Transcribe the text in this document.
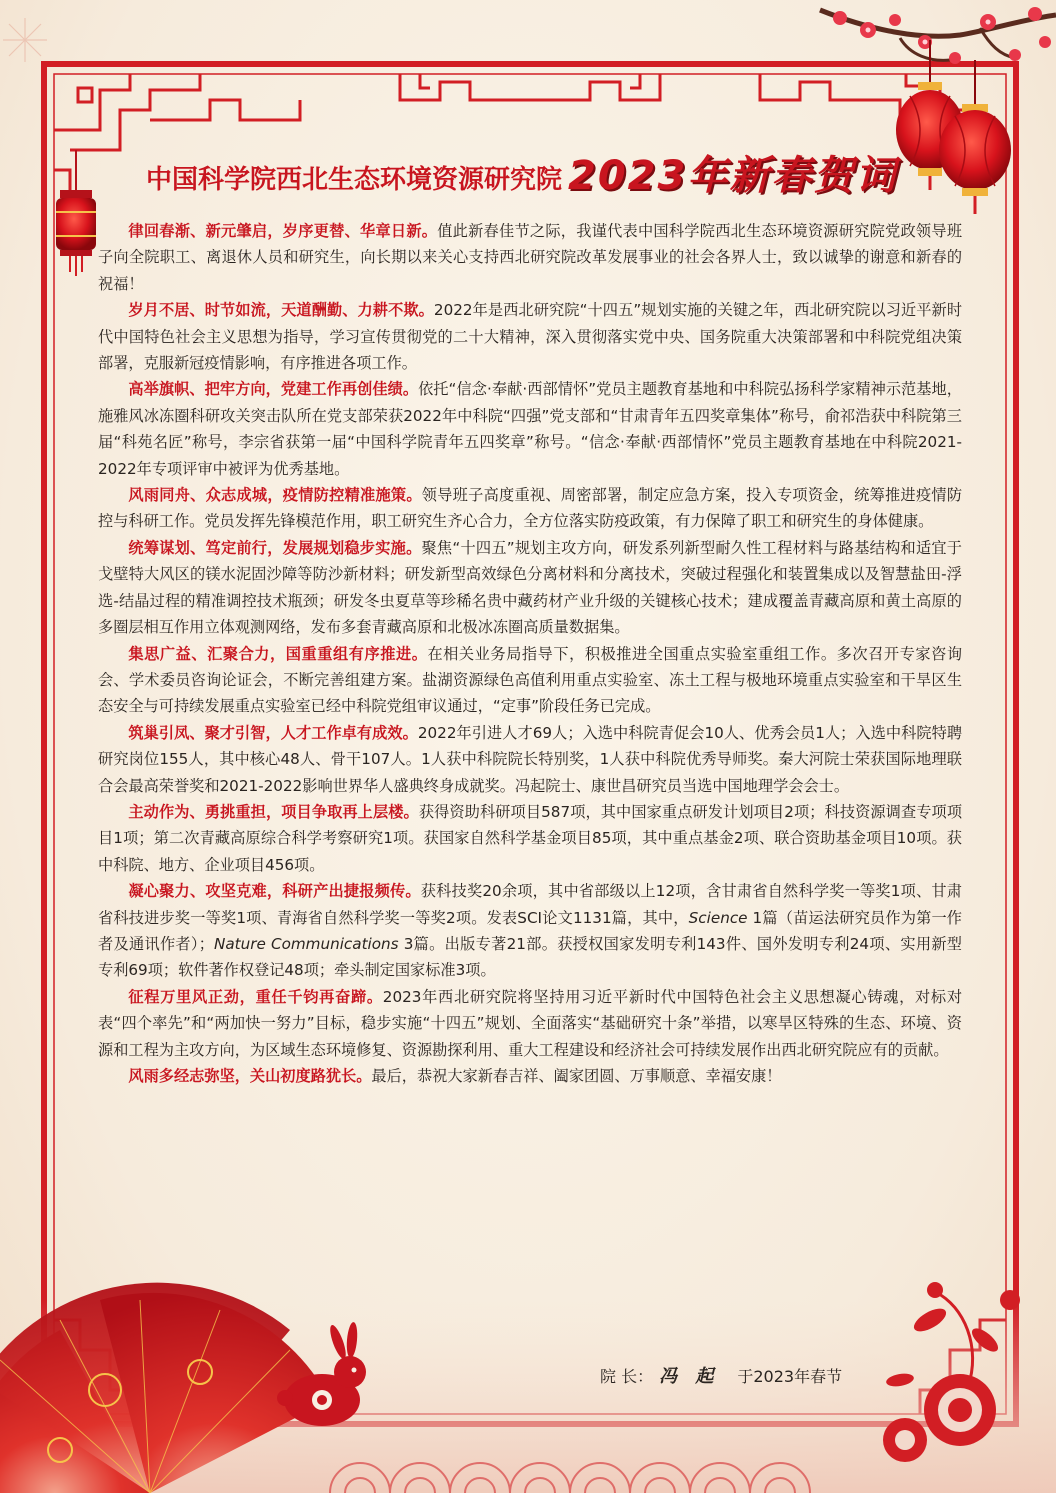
中国科学院西北生态环境资源研究院 2023年新春贺词

律回春渐、新元肇启，岁序更替、华章日新。值此新春佳节之际，我谨代表中国科学院西北生态环境资源研究院党政领导班子向全院职工、离退休人员和研究生，向长期以来关心支持西北研究院改革发展事业的社会各界人士，致以诚挚的谢意和新春的祝福！

岁月不居、时节如流，天道酬勤、力耕不欺。2022年是西北研究院“十四五”规划实施的关键之年，西北研究院以习近平新时代中国特色社会主义思想为指导，学习宣传贯彻党的二十大精神，深入贯彻落实党中央、国务院重大决策部署和中科院党组决策部署，克服新冠疫情影响，有序推进各项工作。

高举旗帜、把牢方向，党建工作再创佳绩。依托“信念·奉献·西部情怀”党员主题教育基地和中科院弘扬科学家精神示范基地，施雅风冰冻圈科研攻关突击队所在党支部荣获2022年中科院“四强”党支部和“甘肃青年五四奖章集体”称号，俞祁浩获中科院第三届“科苑名匠”称号，李宗省获第一届“中国科学院青年五四奖章”称号。“信念·奉献·西部情怀”党员主题教育基地在中科院2021-2022年专项评审中被评为优秀基地。

风雨同舟、众志成城，疫情防控精准施策。领导班子高度重视、周密部署，制定应急方案，投入专项资金，统筹推进疫情防控与科研工作。党员发挥先锋模范作用，职工研究生齐心合力，全方位落实防疫政策，有力保障了职工和研究生的身体健康。

统筹谋划、笃定前行，发展规划稳步实施。聚焦“十四五”规划主攻方向，研发系列新型耐久性工程材料与路基结构和适宜于戈壁特大风区的镁水泥固沙障等防沙新材料；研发新型高效绿色分离材料和分离技术，突破过程强化和装置集成以及智慧盐田-浮选-结晶过程的精准调控技术瓶颈；研发冬虫夏草等珍稀名贵中藏药材产业升级的关键核心技术；建成覆盖青藏高原和黄土高原的多圈层相互作用立体观测网络，发布多套青藏高原和北极冰冻圈高质量数据集。

集思广益、汇聚合力，国重重组有序推进。在相关业务局指导下，积极推进全国重点实验室重组工作。多次召开专家咨询会、学术委员咨询论证会，不断完善组建方案。盐湖资源绿色高值利用重点实验室、冻土工程与极地环境重点实验室和干旱区生态安全与可持续发展重点实验室已经中科院党组审议通过，“定事”阶段任务已完成。

筑巢引凤、聚才引智，人才工作卓有成效。2022年引进人才69人；入选中科院青促会10人、优秀会员1人；入选中科院特聘研究岗位155人，其中核心48人、骨干107人。1人获中科院院长特别奖，1人获中科院优秀导师奖。秦大河院士荣获国际地理联合会最高荣誉奖和2021-2022影响世界华人盛典终身成就奖。冯起院士、康世昌研究员当选中国地理学会会士。

主动作为、勇挑重担，项目争取再上层楼。获得资助科研项目587项，其中国家重点研发计划项目2项；科技资源调查专项项目1项；第二次青藏高原综合科学考察研究1项。获国家自然科学基金项目85项，其中重点基金2项、联合资助基金项目10项。获中科院、地方、企业项目456项。

凝心聚力、攻坚克难，科研产出捷报频传。获科技奖20余项，其中省部级以上12项，含甘肃省自然科学奖一等奖1项、甘肃省科技进步奖一等奖1项、青海省自然科学奖一等奖2项。发表SCI论文1131篇，其中，Science 1篇（苗运法研究员作为第一作者及通讯作者）；Nature Communications 3篇。出版专著21部。获授权国家发明专利143件、国外发明专利24项、实用新型专利69项；软件著作权登记48项；牵头制定国家标准3项。

征程万里风正劲，重任千钧再奋蹄。2023年西北研究院将坚持用习近平新时代中国特色社会主义思想凝心铸魂，对标对表“四个率先”和“两加快一努力”目标，稳步实施“十四五”规划、全面落实“基础研究十条”举措，以寒旱区特殊的生态、环境、资源和工程为主攻方向，为区域生态环境修复、资源勘探利用、重大工程建设和经济社会可持续发展作出西北研究院应有的贡献。

风雨多经志弥坚，关山初度路犹长。最后，恭祝大家新春吉祥、阖家团圆、万事顺意、幸福安康！

院 长： 冯 起 于2023年春节
